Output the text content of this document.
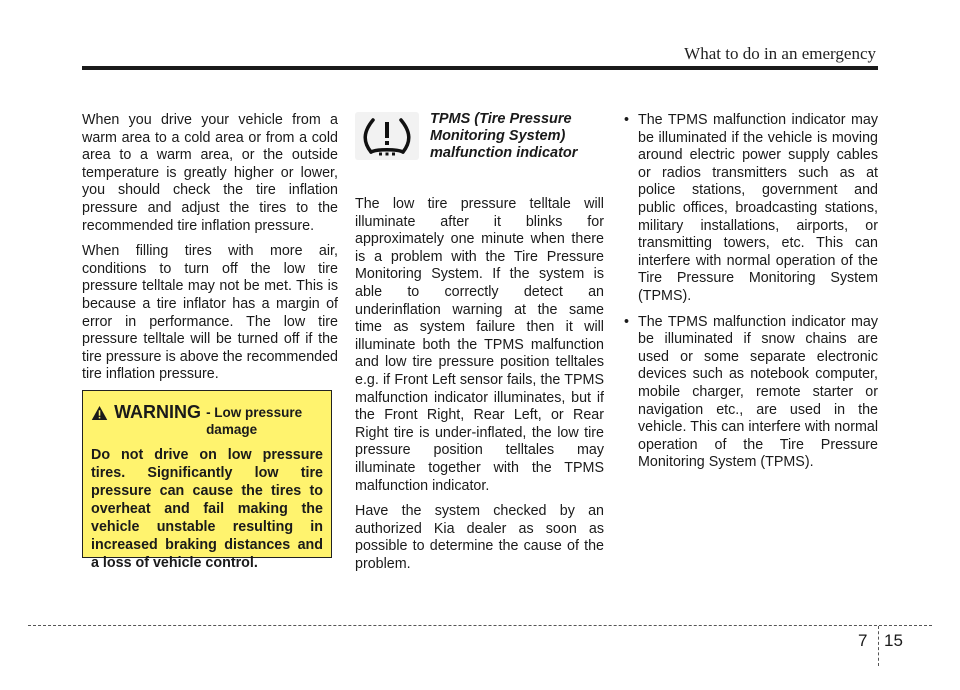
What to do in an emergency

When you drive your vehicle from a warm area to a cold area or from a cold area to a warm area, or the outside temperature is greatly higher or lower, you should check the tire inflation pressure and adjust the tires to the recommended tire inflation pressure.

When filling tires with more air, conditions to turn off the low tire pressure telltale may not be met. This is because a tire inflator has a margin of error in performance. The low tire pressure telltale will be turned off if the tire pressure is above the recommended tire inflation pressure.

WARNING - Low pressure damage
Do not drive on low pressure tires. Significantly low tire pressure can cause the tires to overheat and fail making the vehicle unstable resulting in increased braking distances and a loss of vehicle control.
TPMS (Tire Pressure Monitoring System) malfunction indicator

The low tire pressure telltale will illuminate after it blinks for approximately one minute when there is a problem with the Tire Pressure Monitoring System. If the system is able to correctly detect an underinflation warning at the same time as system failure then it will illuminate both the TPMS malfunction and low tire pressure position telltales e.g. if Front Left sensor fails, the TPMS malfunction indicator illuminates, but if the Front Right, Rear Left, or Rear Right tire is under-inflated, the low tire pressure position telltales may illuminate together with the TPMS malfunction indicator.

Have the system checked by an authorized Kia dealer as soon as possible to determine the cause of the problem.

• The TPMS malfunction indicator may be illuminated if the vehicle is moving around electric power supply cables or radios transmitters such as at police stations, government and public offices, broadcasting stations, military installations, airports, or transmitting towers, etc. This can interfere with normal operation of the Tire Pressure Monitoring System (TPMS).
• The TPMS malfunction indicator may be illuminated if snow chains are used or some separate electronic devices such as notebook computer, mobile charger, remote starter or navigation etc., are used in the vehicle. This can interfere with normal operation of the Tire Pressure Monitoring System (TPMS).
7 15
